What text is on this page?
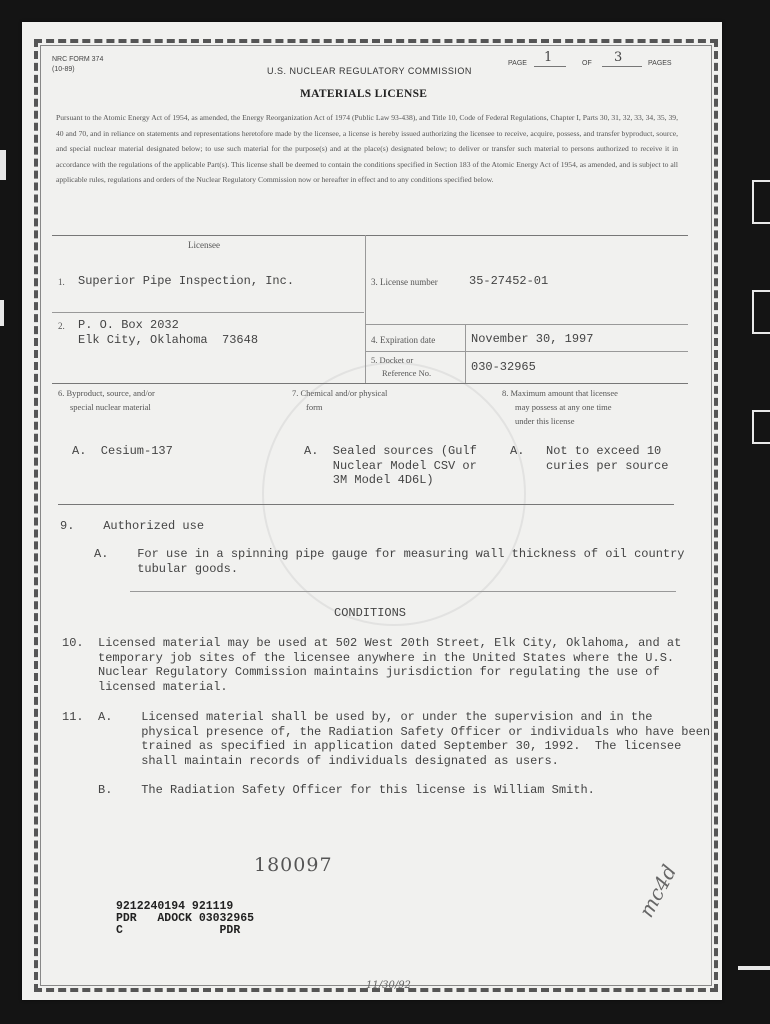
NRC FORM 374
(10-89)	U.S. NUCLEAR REGULATORY COMMISSION
PAGE 1	OF 3	PAGES
MATERIALS LICENSE
Pursuant to the Atomic Energy Act of 1954, as amended, the Energy Reorganization Act of 1974 (Public Law 93-438), and Title 10, Code of Federal Regulations, Chapter I, Parts 30, 31, 32, 33, 34, 35, 39, 40 and 70, and in reliance on statements and representations heretofore made by the licensee, a license is hereby issued authorizing the licensee to receive, acquire, possess, and transfer byproduct, source, and special nuclear material designated below; to use such material for the purpose(s) and at the place(s) designated below; to deliver or transfer such material to persons authorized to receive it in accordance with the regulations of the applicable Part(s). This license shall be deemed to contain the conditions specified in Section 183 of the Atomic Energy Act of 1954, as amended, and is subject to all applicable rules, regulations and orders of the Nuclear Regulatory Commission now or hereafter in effect and to any conditions specified below.
Licensee
1. Superior Pipe Inspection, Inc.
2. P. O. Box 2032
Elk City, Oklahoma  73648
3. License number	35-27452-01
4. Expiration date	November 30, 1997
5. Docket or
Reference No.	030-32965
6. Byproduct, source, and/or
special nuclear material
7. Chemical and/or physical
form
8. Maximum amount that licensee
may possess at any one time
under this license
A.  Cesium-137	A.  Sealed sources (Gulf
Nuclear Model CSV or
3M Model 4D6L)
A.   Not to exceed 10
curies per source
9.    Authorized use
A.    For use in a spinning pipe gauge for measuring wall thickness of oil country
tubular goods.
CONDITIONS
10.  Licensed material may be used at 502 West 20th Street, Elk City, Oklahoma, and at
temporary job sites of the licensee anywhere in the United States where the U.S.
Nuclear Regulatory Commission maintains jurisdiction for regulating the use of
licensed material.
11.  A.    Licensed material shall be used by, or under the supervision and in the
physical presence of, the Radiation Safety Officer or individuals who have been
trained as specified in application dated September 30, 1992.  The licensee
shall maintain records of individuals designated as users.
B.    The Radiation Safety Officer for this license is William Smith.
180097
9212240194 921119
PDR   ADOCK 03032965
C              PDR
mc4d
11/30/92
